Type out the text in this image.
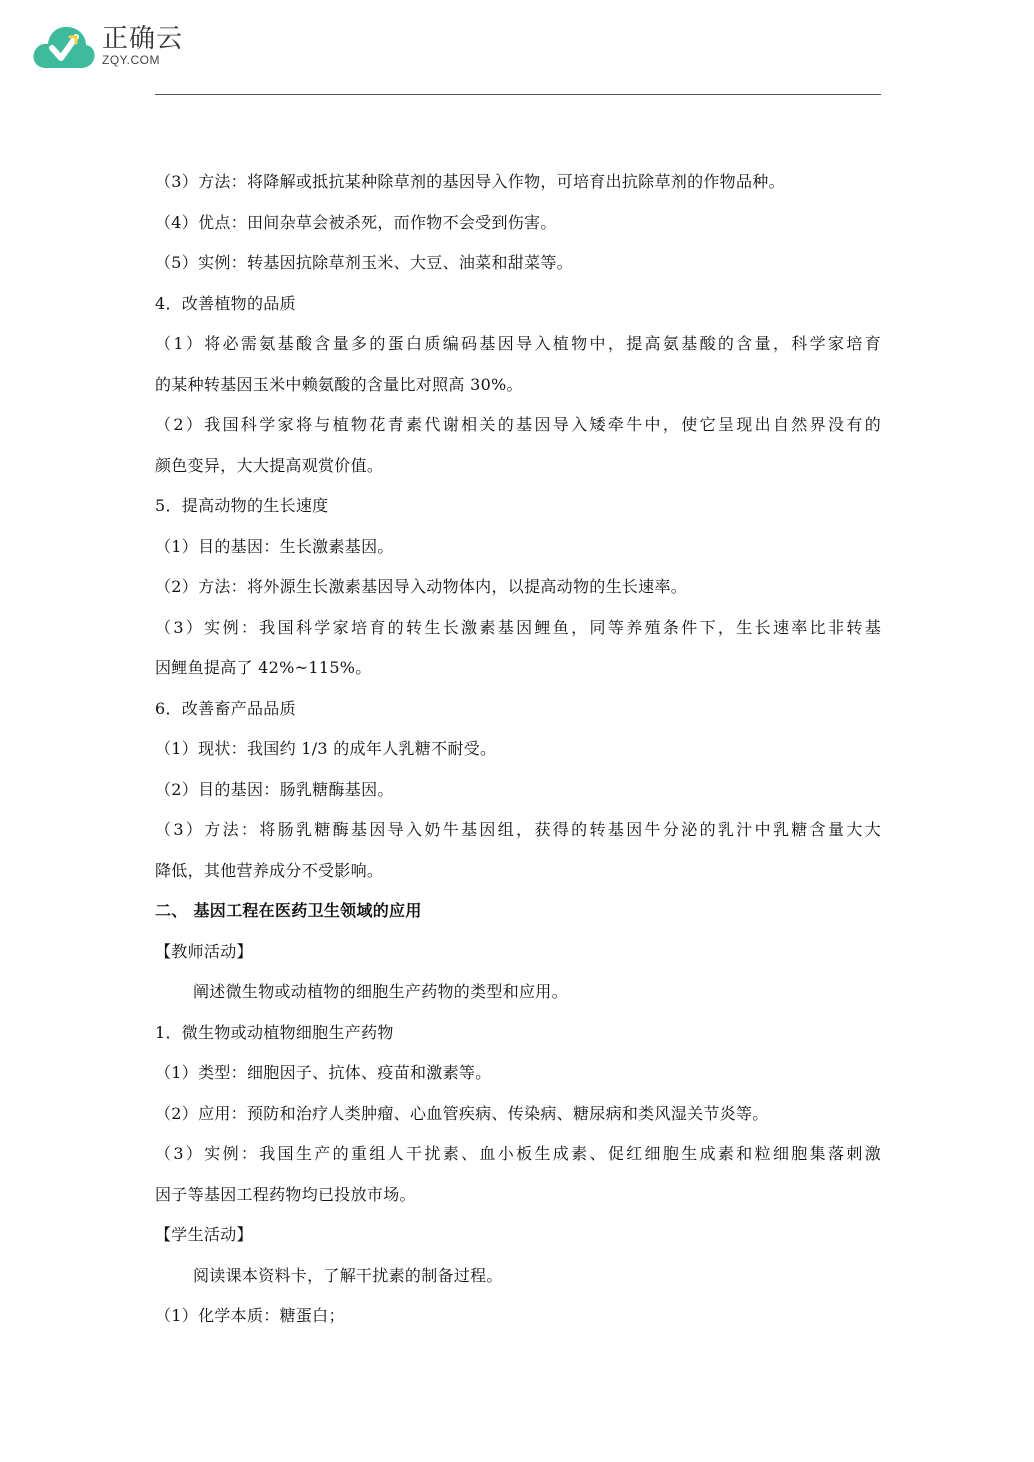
正确云
ZQY.COM
（3）方法：将降解或抵抗某种除草剂的基因导入作物，可培育出抗除草剂的作物品种。
（4）优点：田间杂草会被杀死，而作物不会受到伤害。
（5）实例：转基因抗除草剂玉米、大豆、油菜和甜菜等。
4．改善植物的品质
（1）将必需氨基酸含量多的蛋白质编码基因导入植物中，提高氨基酸的含量，科学家培育
的某种转基因玉米中赖氨酸的含量比对照高 30%。
（2）我国科学家将与植物花青素代谢相关的基因导入矮牵牛中，使它呈现出自然界没有的
颜色变异，大大提高观赏价值。
5．提高动物的生长速度
（1）目的基因：生长激素基因。
（2）方法：将外源生长激素基因导入动物体内，以提高动物的生长速率。
（3）实例：我国科学家培育的转生长激素基因鲤鱼，同等养殖条件下，生长速率比非转基
因鲤鱼提高了 42%~115%。
6．改善畜产品品质
（1）现状：我国约 1/3 的成年人乳糖不耐受。
（2）目的基因：肠乳糖酶基因。
（3）方法：将肠乳糖酶基因导入奶牛基因组，获得的转基因牛分泌的乳汁中乳糖含量大大
降低，其他营养成分不受影响。
二、 基因工程在医药卫生领域的应用
【教师活动】
阐述微生物或动植物的细胞生产药物的类型和应用。
1．微生物或动植物细胞生产药物
（1）类型：细胞因子、抗体、疫苗和激素等。
（2）应用：预防和治疗人类肿瘤、心血管疾病、传染病、糖尿病和类风湿关节炎等。
（3）实例：我国生产的重组人干扰素、血小板生成素、促红细胞生成素和粒细胞集落刺激
因子等基因工程药物均已投放市场。
【学生活动】
阅读课本资料卡，了解干扰素的制备过程。
（1）化学本质：糖蛋白；
